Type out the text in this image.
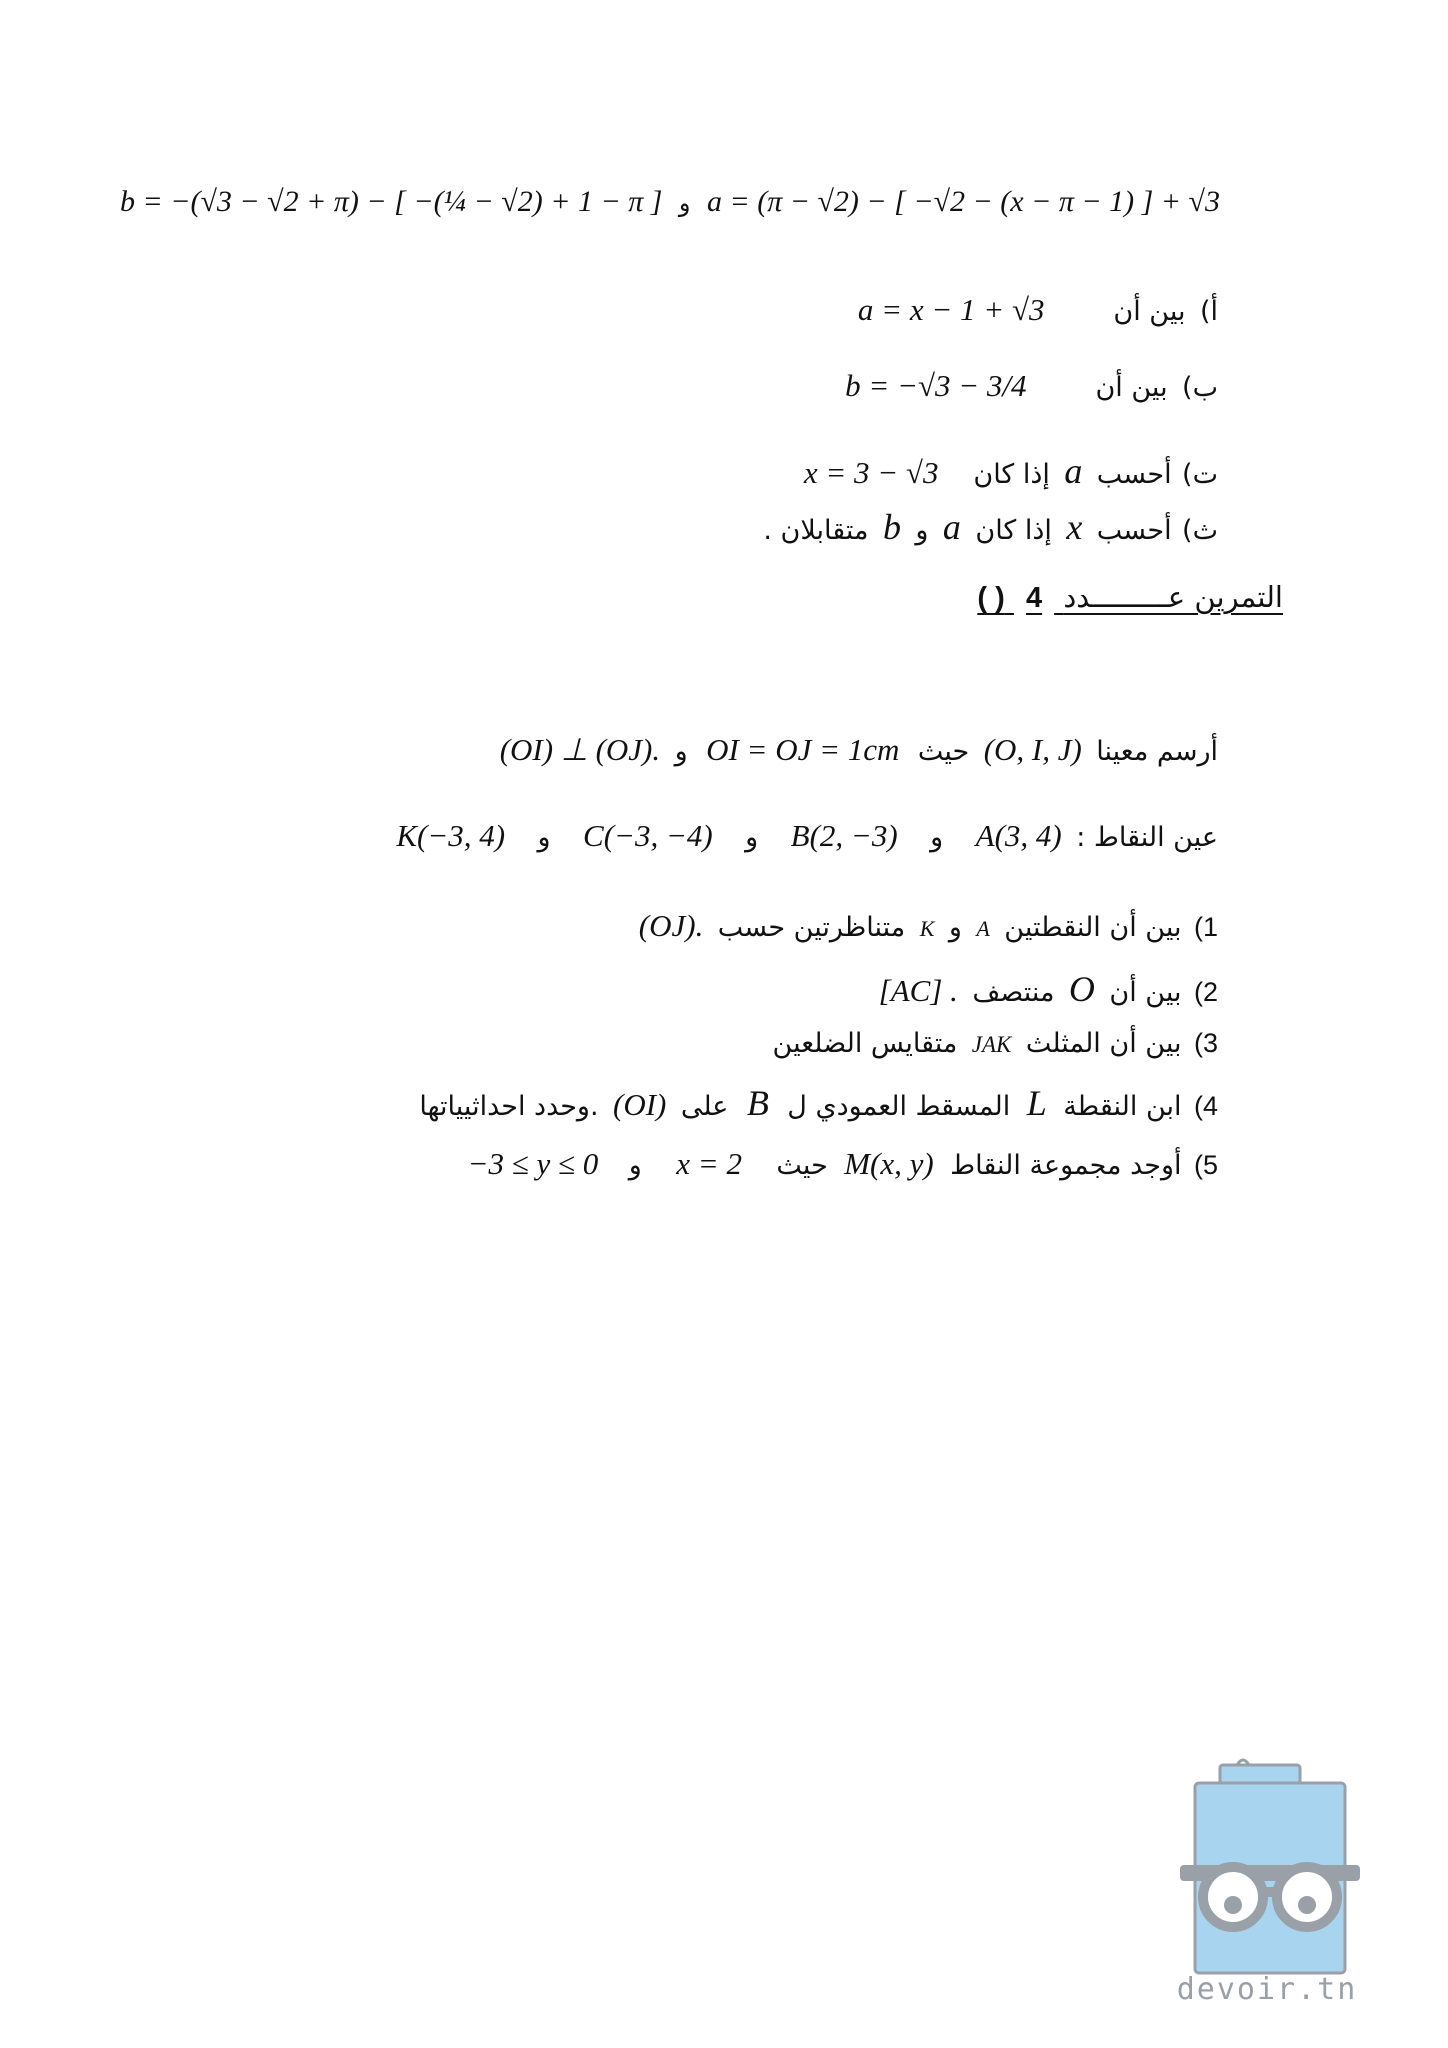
a = (π − √2) − [ −√2 − (x − π − 1) ] + √3 و b = −(√3 − √2 + π) − [ −(¼ − √2) + 1 − π ]
أ) بين أن  a = x − 1 + √3
ب) بين أن  b = −√3 − 3/4
ت) أحسب a إذا كان  x = 3 − √3
ث) أحسب x إذا كان a و b متقابلان .
التمرين عـــــــــدد 4 ( )
أرسم معينا (O, I, J) حيث OI = OJ = 1cm و (OI) ⊥ (OJ).
عين النقاط : A(3, 4) و B(2, −3) و C(−3, −4) و K(−3, 4)
1) بين أن النقطتين A و K متناظرتين حسب (OJ).
2) بين أن O منتصف [AC] .
3) بين أن المثلث JAK متقايس الضلعين
4) ابن النقطة L المسقط العمودي ل B على (OI) .وحدد احداثيياتها
5) أوجد مجموعة النقاط M(x, y) حيث x = 2 و −3 ≤ y ≤ 0
devoir.tn
